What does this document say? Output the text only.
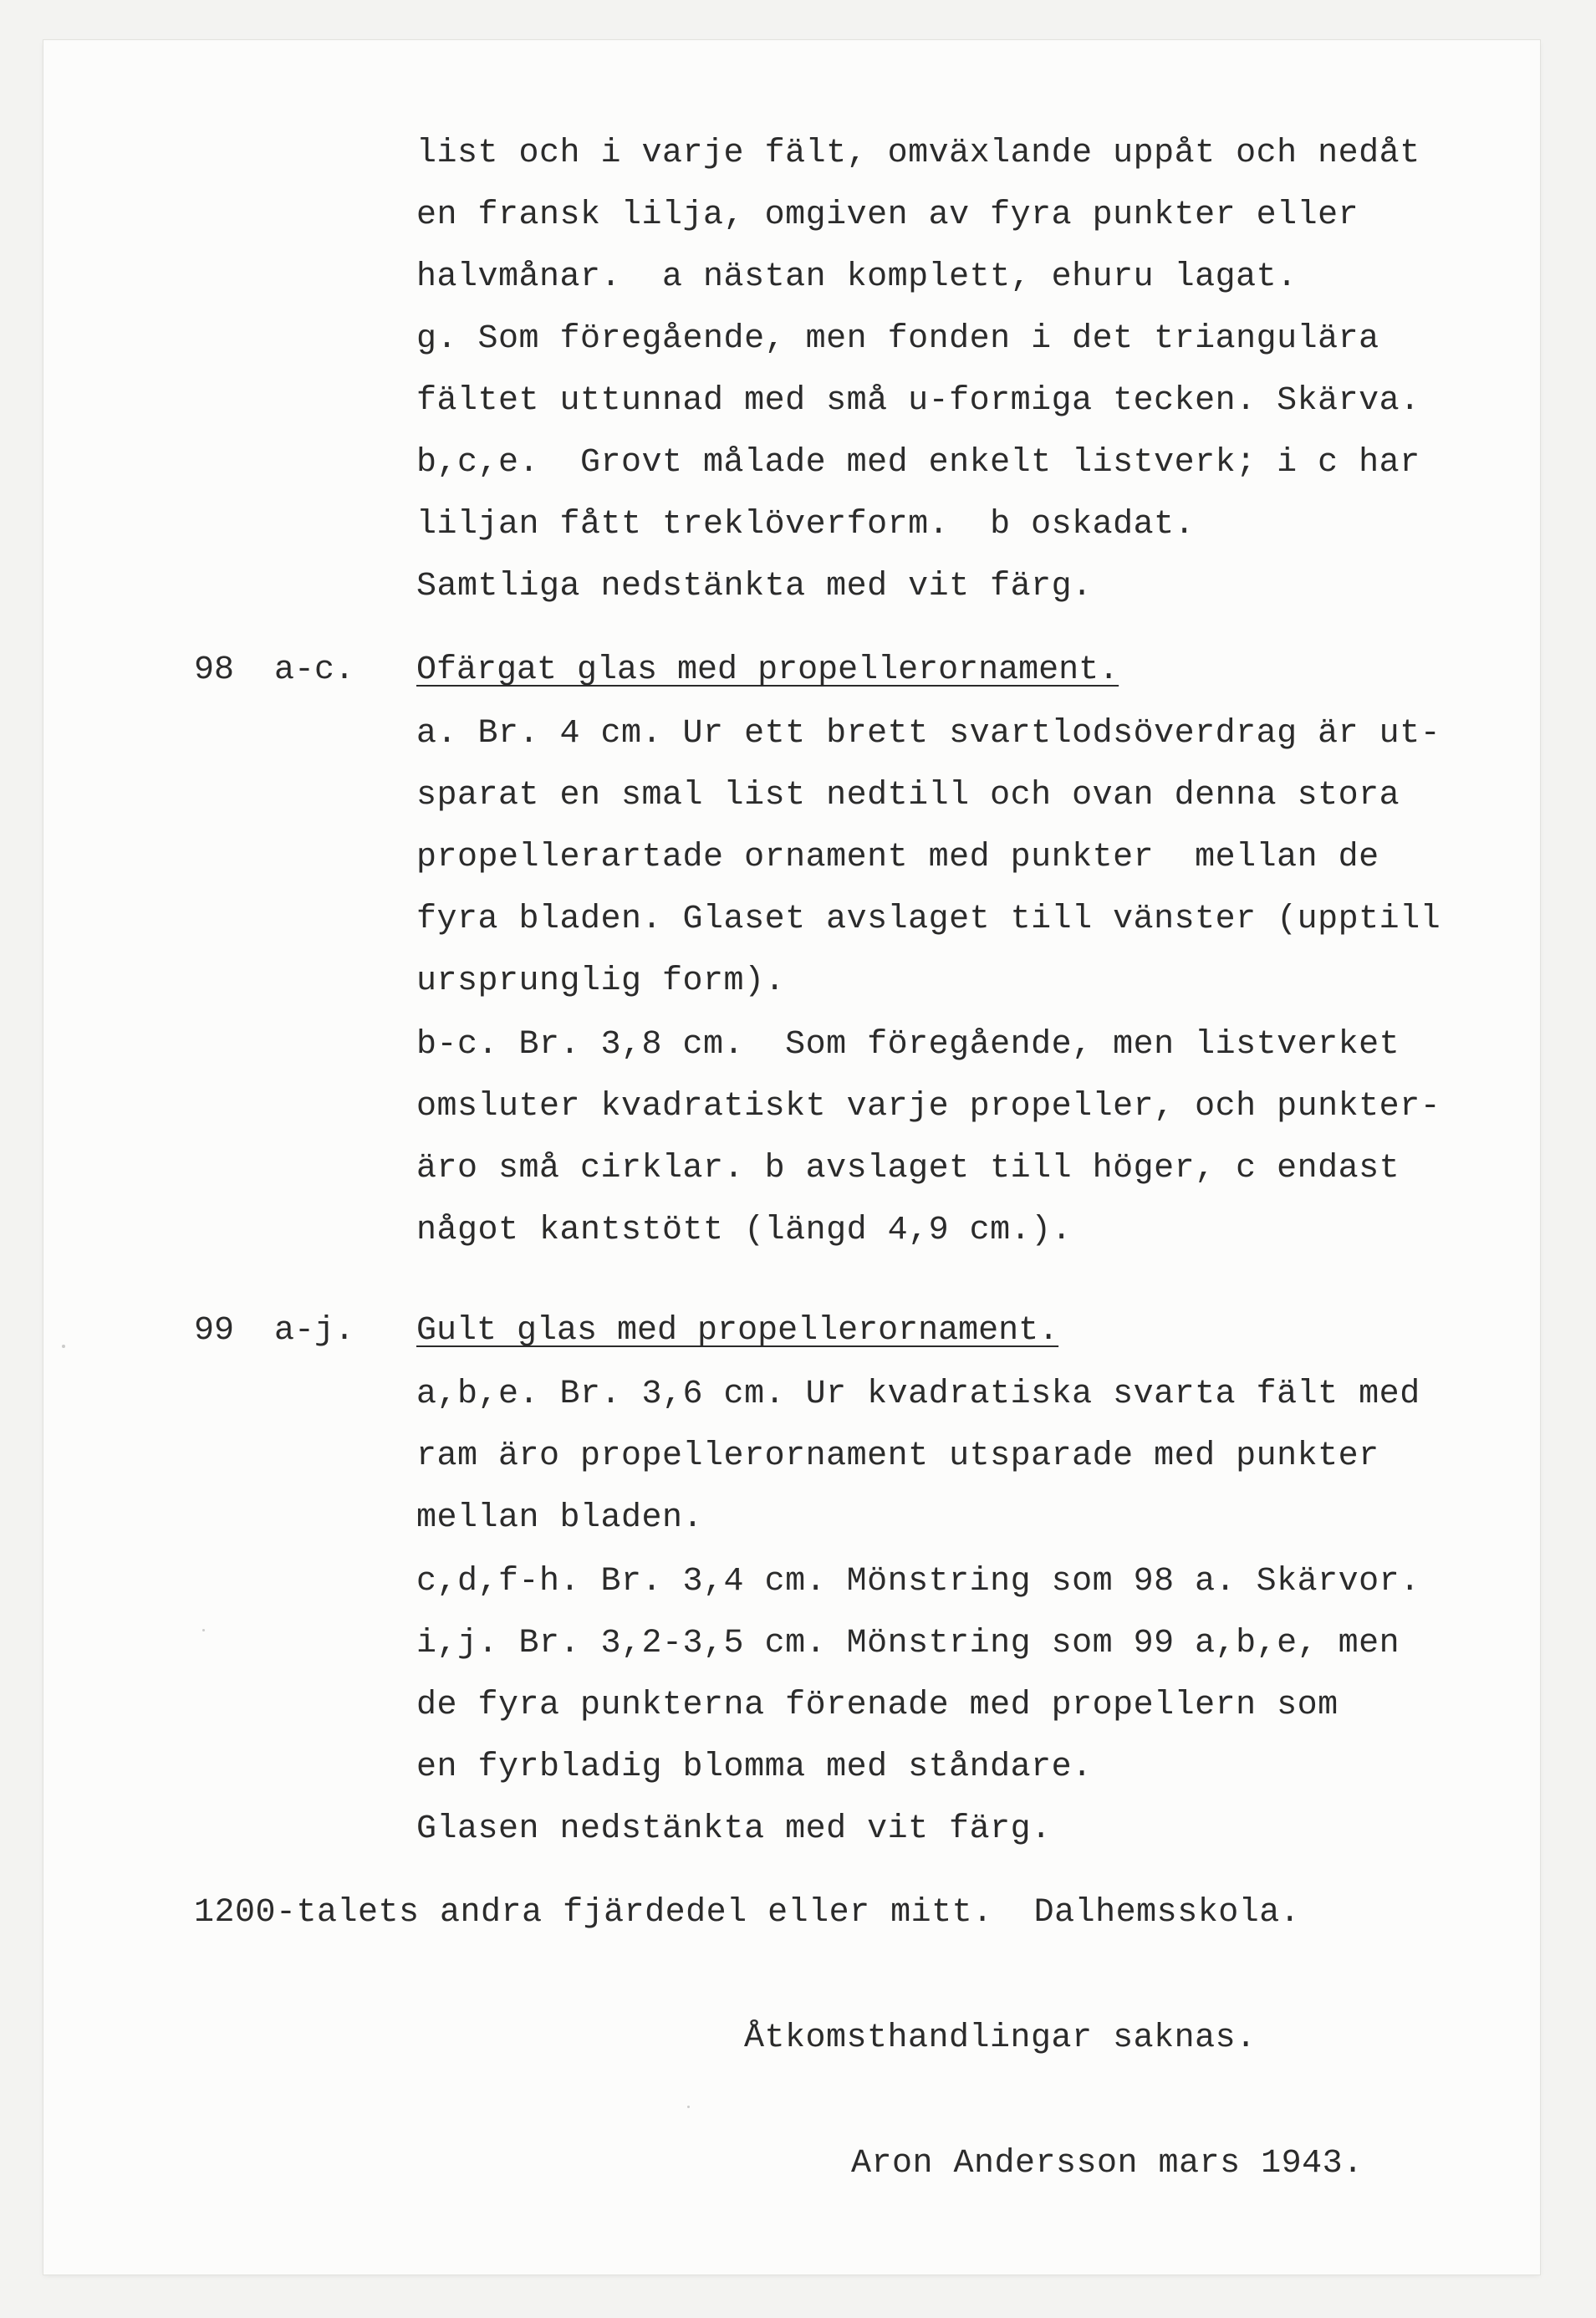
list och i varje fält, omväxlande uppåt och nedåt
en fransk lilja, omgiven av fyra punkter eller
halvmånar.  a nästan komplett, ehuru lagat.
g. Som föregående, men fonden i det triangulära
fältet uttunnad med små u-formiga tecken. Skärva.
b,c,e.  Grovt målade med enkelt listverk; i c har
liljan fått treklöverform.  b oskadat.
Samtliga nedstänkta med vit färg.
98 a-c. Ofärgat glas med propellerornament.
a. Br. 4 cm. Ur ett brett svartlodsöverdrag är ut-
sparat en smal list nedtill och ovan denna stora
propellerartade ornament med punkter  mellan de
fyra bladen. Glaset avslaget till vänster (upptill
ursprunglig form).
b-c. Br. 3,8 cm.  Som föregående, men listverket
omsluter kvadratiskt varje propeller, och punkter-
äro små cirklar. b avslaget till höger, c endast
något kantstött (längd 4,9 cm.).
99 a-j. Gult glas med propellerornament.
a,b,e. Br. 3,6 cm. Ur kvadratiska svarta fält med
ram äro propellerornament utsparade med punkter
mellan bladen.
c,d,f-h. Br. 3,4 cm. Mönstring som 98 a. Skärvor.
i,j. Br. 3,2-3,5 cm. Mönstring som 99 a,b,e, men
de fyra punkterna förenade med propellern som
en fyrbladig blomma med ståndare.
Glasen nedstänkta med vit färg.
1200-talets andra fjärdedel eller mitt.  Dalhemsskola.
Åtkomsthandlingar saknas.
Aron Andersson mars 1943.
